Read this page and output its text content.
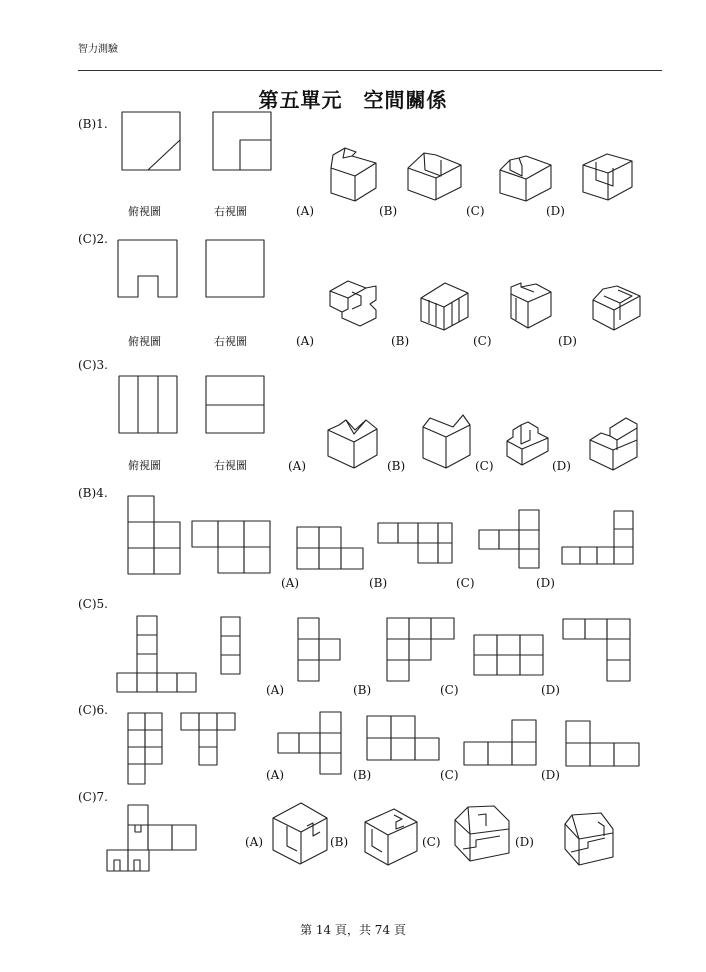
智力測驗
第五單元　空間關係
(B)1.
(C)2.
(C)3.
(B)4.
(C)5.
(C)6.
(C)7.
俯視圖	右視圖
俯視圖	右視圖
俯視圖	右視圖
(A)	(B)	(C)	(D)
(A)	(B)	(C)	(D)
(A)	(B)	(C)	(D)
(A)	(B)	(C)	(D)
(A)	(B)	(C)	(D)
(A)	(B)	(C)	(D)
(A)	(B)	(C)	(D)
第 14 頁，共 74 頁
